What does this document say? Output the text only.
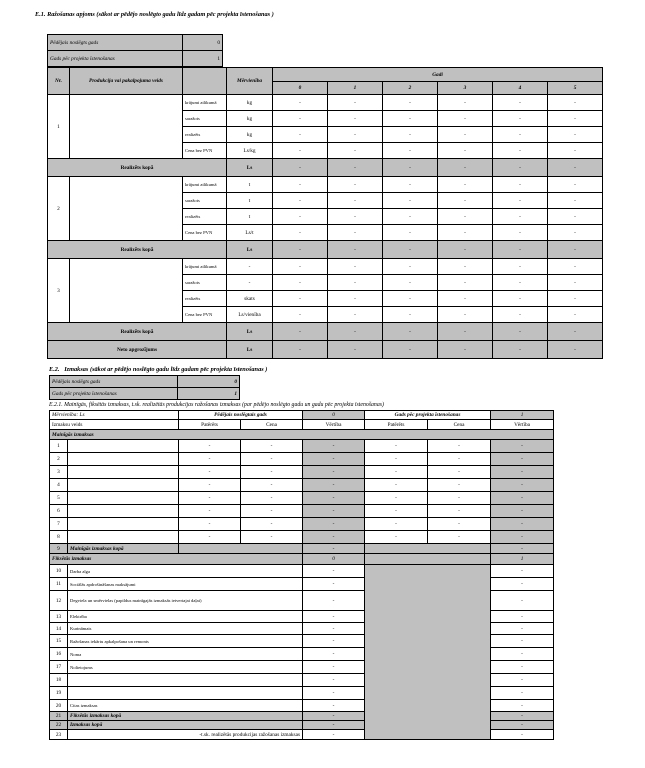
E.1. Ražošanas apjoms (sākot ar pēdējo noslēgto gadu līdz gadam pēc projekta īstenošanas )
Pēdējais noslēgts gads	0
Gads pēc projekta īstenošanas	1
Nr.	Produkcija vai pakalpojuma veids		Mērvienība	Gadi					
				0	1	2	3	4	5
1		krājumi atlikumā	kg	-	-	-	-	-	-
		saražots	kg	-	-	-	-	-	-
		realizēts	kg	-	-	-	-	-	-
		Cena bez PVN	Ls/kg	-	-	-	-	-	-
Realizēts kopā			Ls	-	-	-	-	-	-
2		krājumi atlikumā	t	-	-	-	-	-	-
		saražots	t	-	-	-	-	-	-
		realizēts	t	-	-	-	-	-	-
		Cena bez PVN	Ls/t	-	-	-	-	-	-
Realizēts kopā			Ls	-	-	-	-	-	-
3		krājumi atlikumā	-	-	-	-	-	-	-
		saražots	-	-	-	-	-	-	-
		realizēts	skats	-	-	-	-	-	-
		Cena bez PVN	Ls/vienība	-	-	-	-	-	-
Realizēts kopā			Ls	-	-	-	-	-	-
Neto apgrozījums			Ls	-	-	-	-	-	-
E.2. Izmaksas (sākot ar pēdējo noslēgto gadu līdz gadam pēc projekta īstenošanas )
Pēdējais noslēgts gads	0
Gads pēc projekta īstenošanas	1
E.2.1. Mainīgās, fiksētās izmaksas, t.sk. realizētās produkcijas ražošanas izmaksas (par pēdējo noslēgto gadu un gadu pēc projekta īstenošanas)
Mērvienība: Ls		Pēdējais noslēgtais gads		0	Gads pēc projekta īstenošanas		1
Izmaksu veids		Patērēts	Cena	Vērtība	Patērēts	Cena	Vērtība
Mainīgās izmaksas							
1		-	-	-	-	-	-
2		-	-	-	-	-	-
3		-	-	-	-	-	-
4		-	-	-	-	-	-
5		-	-	-	-	-	-
6		-	-	-	-	-	-
7		-	-	-	-	-	-
8		-	-	-	-	-	-
9	Mainīgās izmaksas kopā			-			-
Fiksētās izmaksas				0			1
10	Darba alga			-			-
11	Sociālās apdrošināšanas maksājumi			-			-
12	Degviela un smērvielas (papildus mainīgajās izmaksās ietvertajai daļai)			-			-
13	Elektrība			-			-
14	Kurināmais			-			-
15	Ražošanas iekārtu apkalpošana un remonts			-			-
16	Noma			-			-
17	Nolietojums			-			-
18				-			-
19				-			-
20	Citas izmaksas			-			-
21	Fiksētās izmaksas kopā			-			-
22	Izmaksas kopā			-			-
23	-t.sk. realizētās produkcijas ražošanas izmaksas			-			-
